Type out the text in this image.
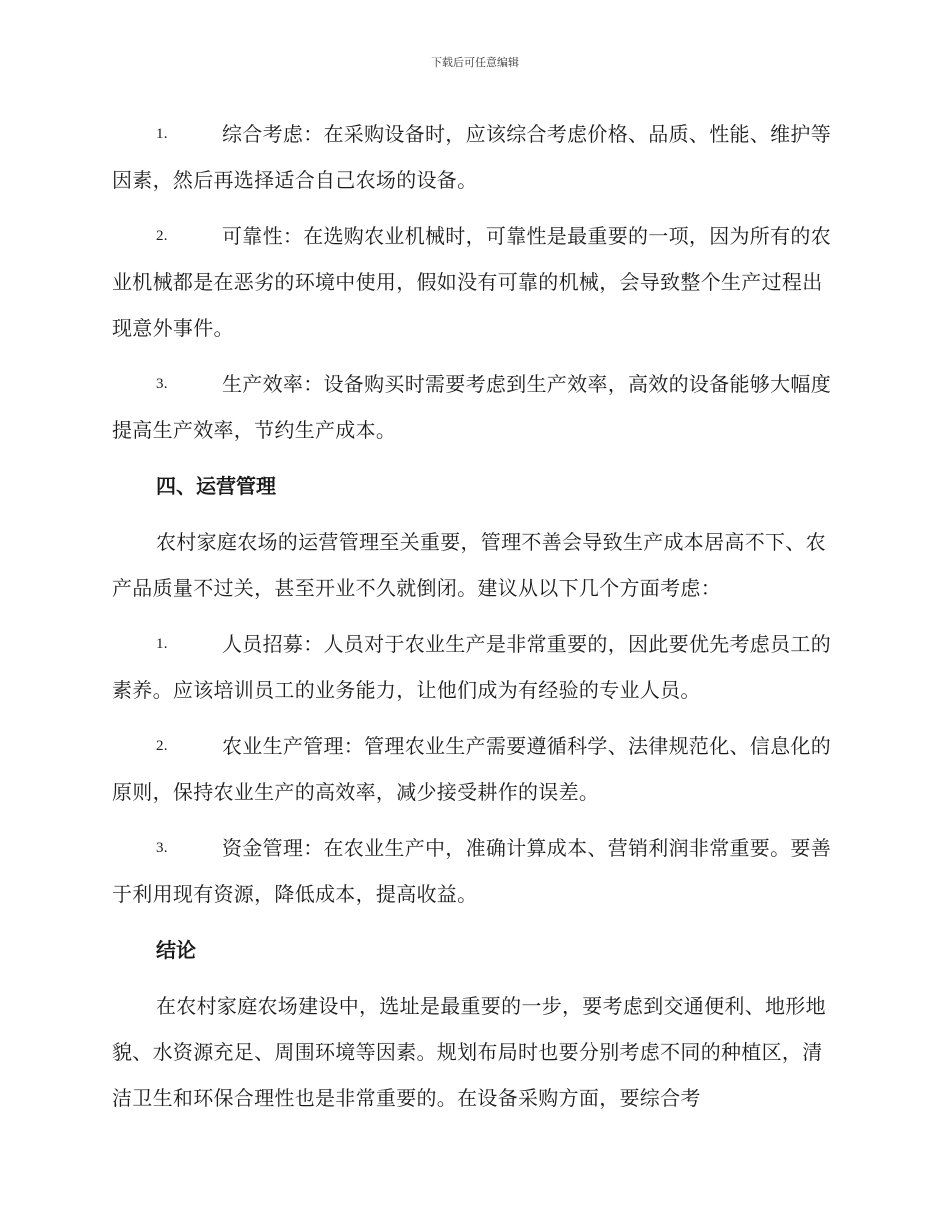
下载后可任意编辑

1.	综合考虑：在采购设备时，应该综合考虑价格、品质、性能、维护等因素，然后再选择适合自己农场的设备。

2.	可靠性：在选购农业机械时，可靠性是最重要的一项，因为所有的农业机械都是在恶劣的环境中使用，假如没有可靠的机械，会导致整个生产过程出现意外事件。

3.	生产效率：设备购买时需要考虑到生产效率，高效的设备能够大幅度提高生产效率，节约生产成本。

四、运营管理

农村家庭农场的运营管理至关重要，管理不善会导致生产成本居高不下、农产品质量不过关，甚至开业不久就倒闭。建议从以下几个方面考虑：

1.	人员招募：人员对于农业生产是非常重要的，因此要优先考虑员工的素养。应该培训员工的业务能力，让他们成为有经验的专业人员。

2.	农业生产管理：管理农业生产需要遵循科学、法律规范化、信息化的原则，保持农业生产的高效率，减少接受耕作的误差。

3.	资金管理：在农业生产中，准确计算成本、营销利润非常重要。要善于利用现有资源，降低成本，提高收益。

结论

在农村家庭农场建设中，选址是最重要的一步，要考虑到交通便利、地形地貌、水资源充足、周围环境等因素。规划布局时也要分别考虑不同的种植区，清洁卫生和环保合理性也是非常重要的。在设备采购方面，要综合考
